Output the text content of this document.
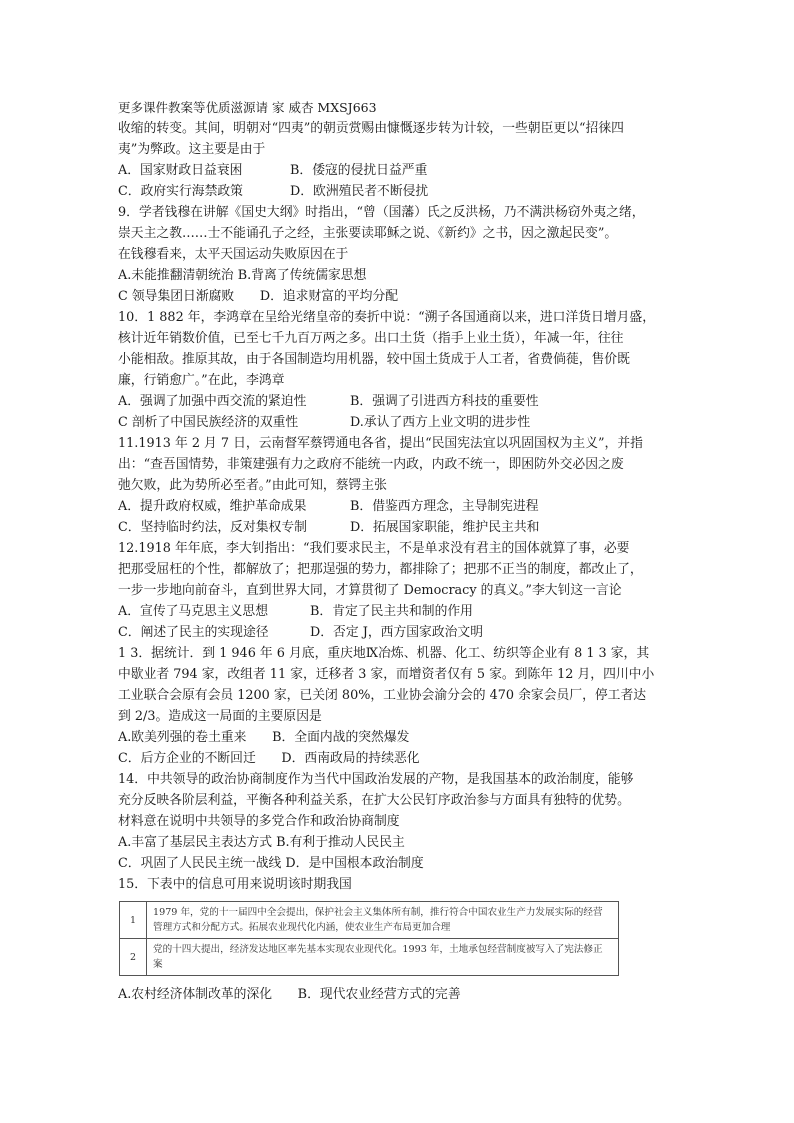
更多课件教案等优质滋源请 家 威杏 MXSJ663
收缩的转变。其间，明朝对“四夷”的朝贡赏赐由慷慨逐步转为计较，一些朝臣更以“招徕四
夷”为弊政。这主要是由于
A．国家财政日益衰困	B．倭寇的侵扰日益严重
C．政府实行海禁政策	D．欧洲殖民者不断侵扰
9．学者钱穆在讲解《国史大纲》时指出，“曾（国藩）氏之反洪杨，乃不满洪杨窃外夷之绪，
崇天主之教……士不能诵孔子之经，主张要读耶稣之说、《新约》之书，因之激起民变”。
在钱穆看来，太平天国运动失败原因在于
A.未能推翻清朝统治 B.背离了传统儒家思想
C 领导集团日渐腐败　　D．追求财富的平均分配
10．1 882 年，李鸿章在呈给光绪皇帝的奏折中说：“溯子各国通商以来，进口洋货日增月盛，
核计近年销数价值，已至七千九百万两之多。出口土货（指手上业土货），年减一年，往往
小能相敌。推原其故，由于各国制造均用机器，较中国土货成于人工者，省费倘蓰，售价既
廉，行销愈广。”在此，李鸿章
A．强调了加强中西交流的紧迫性	B．强调了引进西方科技的重要性
C 剖析了中国民族经济的双重性	D.承认了西方上业文明的进步性
11.1913 年 2 月 7 日，云南督军蔡锷通电各省，提出“民国宪法宜以巩固国权为主义”，并指
出：“查吾国情势，非策建强有力之政府不能统一内政，内政不统一，即困防外交必因之废
弛欠败，此为势所必至者。”由此可知，蔡锷主张
A．提升政府权威，维护革命成果	B．借鉴西方理念，主导制宪进程
C．坚持临时约法，反对集权专制	D．拓展国家职能，维护民主共和
12.1918 年年底，李大钊指出：“我们要求民主，不是单求没有君主的国体就算了事，必要
把那受屈枉的个性，都解放了；把那逞强的势力，都排除了；把那不正当的制度，都改止了，
一步一步地向前奋斗，直到世界大同，才算贯彻了 Democracy 的真义。”李大钊这一言论
A．宣传了马克思主义思想	B．肯定了民主共和制的作用
C．阐述了民主的实现途径	D．否定 J，西方国家政治文明
1 3．据统计．到 1 946 年 6 月底，重庆地Ⅸ冶炼、机器、化工、纺织等企业有 8 1 3 家，其
中歇业者 794 家，改组者 11 家，迁移者 3 家，而增资者仅有 5 家。到陈年 12 月，四川中小
工业联合会原有会员 1200 家，已关闭 80%，工业协会渝分会的 470 余家会员厂，停工者达
到 2/3。造成这一局面的主要原因是
A.欧美列强的卷土重来　　B．全面内战的突然爆发
C．后方企业的不断回迁　　D．西南政局的持续恶化
14．中共领导的政治协商制度作为当代中国政治发展的产物，是我国基本的政治制度，能够
充分反映各阶层利益，平衡各种利益关系，在扩大公民钉序政治参与方面具有独特的优势。
材料意在说明中共领导的多党合作和政治协商制度
A.丰富了基层民主表达方式 B.有利于推动人民民主
C．巩固了人民民主统一战线 D．是中国根本政治制度
15．下表中的信息可用来说明该时期我国
1	1979 年，党的十一届四中全会提出，保护社会主义集体所有制，推行符合中国农业生产力发展实际的经营管理方式和分配方式。拓展农业现代化内涵，使农业生产布局更加合理
2	党的十四大提出，经济发达地区率先基本实现农业现代化。1993 年，土地承包经营制度被写入了宪法修正案
A.农村经济体制改革的深化　　B．现代农业经营方式的完善
